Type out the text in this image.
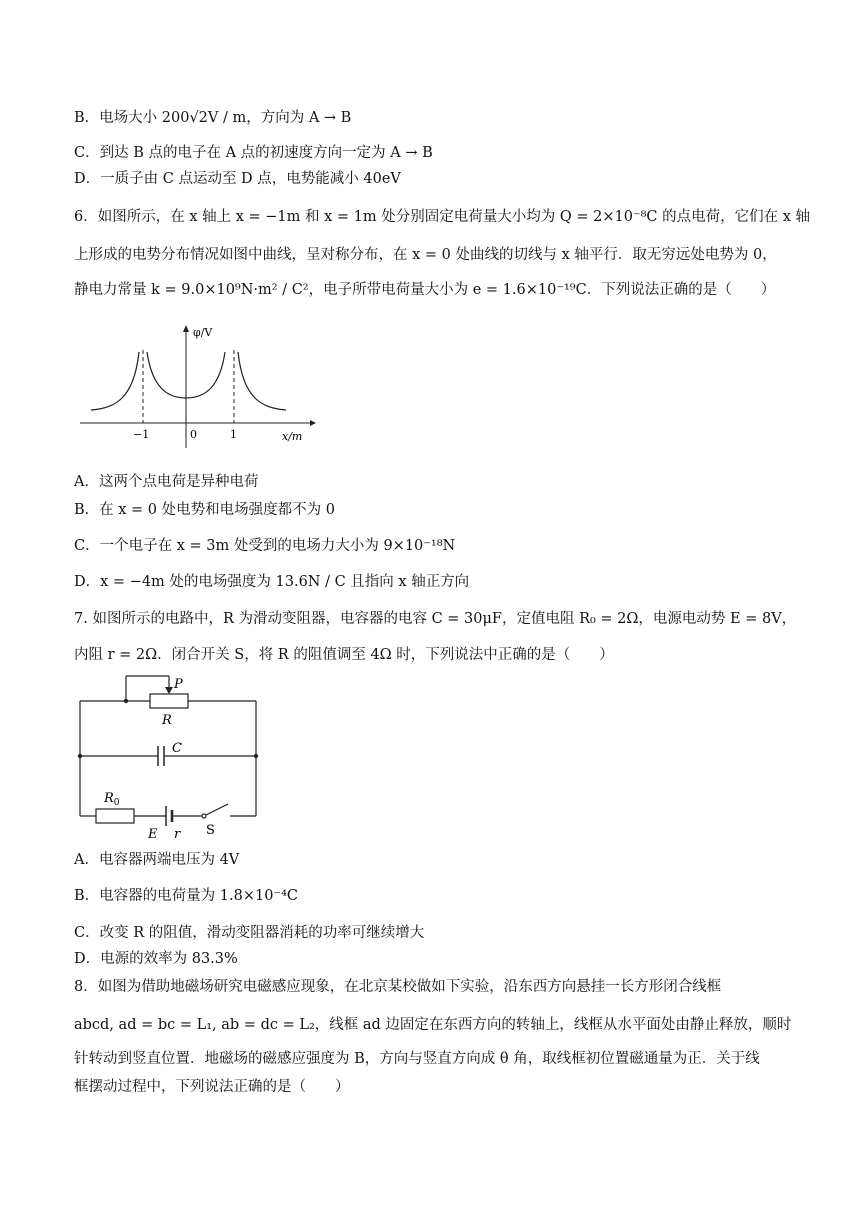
B．电场大小 200√2V / m，方向为 A → B
C．到达 B 点的电子在 A 点的初速度方向一定为 A → B
D．一质子由 C 点运动至 D 点，电势能减小 40eV
6．如图所示，在 x 轴上 x = −1m 和 x = 1m 处分别固定电荷量大小均为 Q = 2×10⁻⁸C 的点电荷，它们在 x 轴
上形成的电势分布情况如图中曲线，呈对称分布，在 x = 0 处曲线的切线与 x 轴平行．取无穷远处电势为 0，
静电力常量 k = 9.0×10⁹N·m² / C²，电子所带电荷量大小为 e = 1.6×10⁻¹⁹C．下列说法正确的是（　　）
φ/V
x/m
−1	0	1
A．这两个点电荷是异种电荷
B．在 x = 0 处电势和电场强度都不为 0
C．一个电子在 x = 3m 处受到的电场力大小为 9×10⁻¹⁸N
D．x = −4m 处的电场强度为 13.6N / C 且指向 x 轴正方向
7. 如图所示的电路中，R 为滑动变阻器，电容器的电容 C = 30μF，定值电阻 R₀ = 2Ω，电源电动势 E = 8V，
内阻 r = 2Ω．闭合开关 S，将 R 的阻值调至 4Ω 时，下列说法中正确的是（　　）
P
R
C
$R_0$
E r S
A．电容器两端电压为 4V
B．电容器的电荷量为 1.8×10⁻⁴C
C．改变 R 的阻值，滑动变阻器消耗的功率可继续增大
D．电源的效率为 83.3%
8．如图为借助地磁场研究电磁感应现象，在北京某校做如下实验，沿东西方向悬挂一长方形闭合线框
abcd, ad = bc = L₁, ab = dc = L₂，线框 ad 边固定在东西方向的转轴上，线框从水平面处由静止释放，顺时
针转动到竖直位置．地磁场的磁感应强度为 B，方向与竖直方向成 θ 角，取线框初位置磁通量为正．关于线
框摆动过程中，下列说法正确的是（　　）
